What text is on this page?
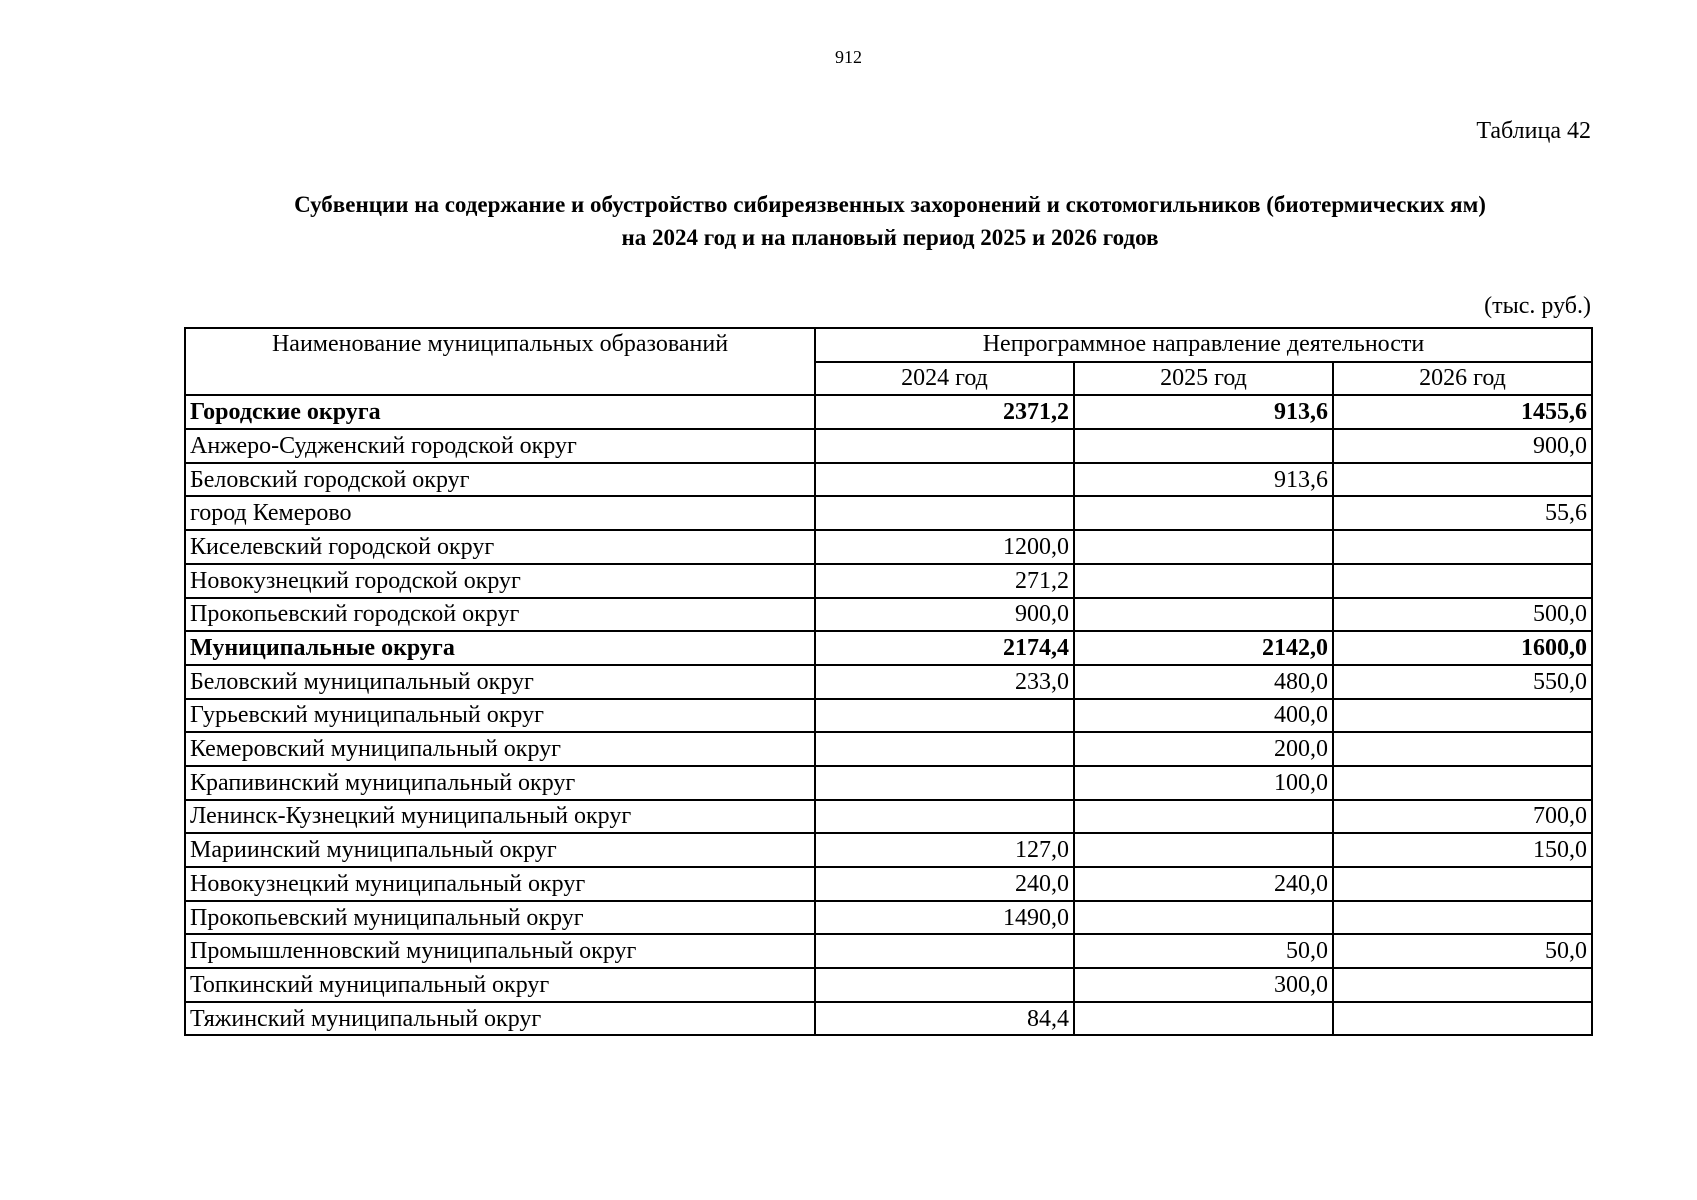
912
Таблица 42
Субвенции на содержание и обустройство сибиреязвенных захоронений и скотомогильников (биотермических ям)
на 2024 год и на плановый период 2025 и 2026 годов
(тыс. руб.)
Наименование муниципальных образований	Непрограммное направление деятельности		
	2024 год	2025 год	2026 год
Городские округа	2371,2	913,6	1455,6
Анжеро-Судженский городской округ			900,0
Беловский городской округ		913,6	
город Кемерово			55,6
Киселевский городской округ	1200,0		
Новокузнецкий городской округ	271,2		
Прокопьевский городской округ	900,0		500,0
Муниципальные округа	2174,4	2142,0	1600,0
Беловский муниципальный округ	233,0	480,0	550,0
Гурьевский муниципальный округ		400,0	
Кемеровский муниципальный округ		200,0	
Крапивинский муниципальный округ		100,0	
Ленинск-Кузнецкий муниципальный округ			700,0
Мариинский муниципальный округ	127,0		150,0
Новокузнецкий муниципальный округ	240,0	240,0	
Прокопьевский муниципальный округ	1490,0		
Промышленновский муниципальный округ		50,0	50,0
Топкинский муниципальный округ		300,0	
Тяжинский муниципальный округ	84,4		
